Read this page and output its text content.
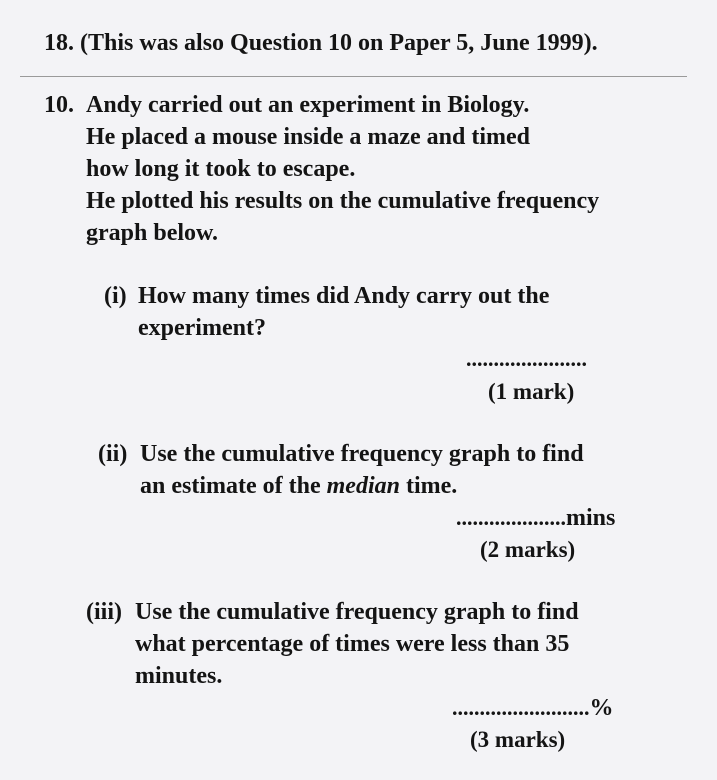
18. (This was also Question 10 on Paper 5, June 1999).
10. Andy carried out an experiment in Biology.
He placed a mouse inside a maze and timed
how long it took to escape.
He plotted his results on the cumulative frequency
graph below.
(i) How many times did Andy carry out the
experiment?
......................
(1 mark)
(ii) Use the cumulative frequency graph to find
an estimate of the median time.
....................mins
(2 marks)
(iii) Use the cumulative frequency graph to find
what percentage of times were less than 35
minutes.
.........................%
(3 marks)
